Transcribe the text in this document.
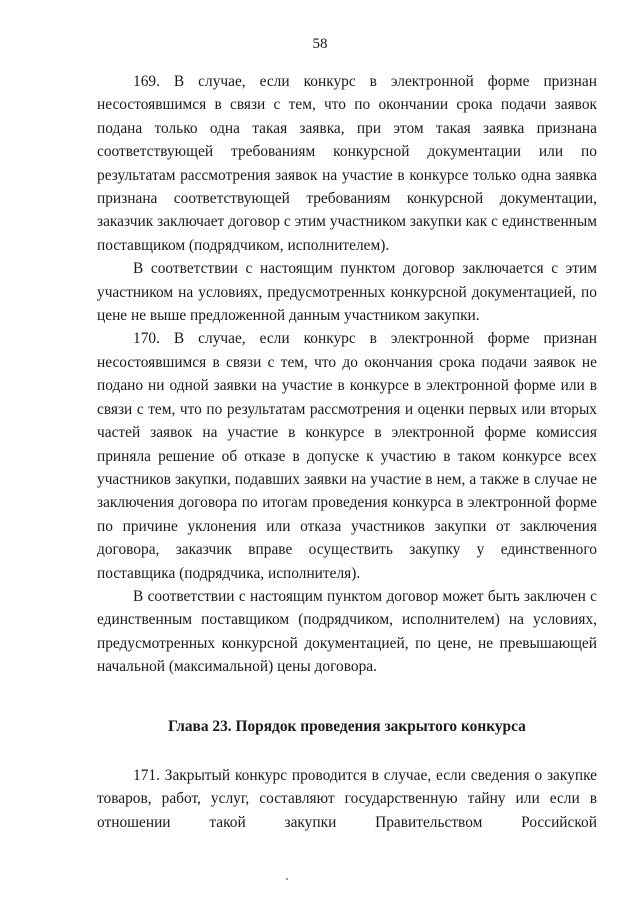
58

169. В случае, если конкурс в электронной форме признан несостоявшимся в связи с тем, что по окончании срока подачи заявок подана только одна такая заявка, при этом такая заявка признана соответствующей требованиям конкурсной документации или по результатам рассмотрения заявок на участие в конкурсе только одна заявка признана соответствующей требованиям конкурсной документации, заказчик заключает договор с этим участником закупки как с единственным поставщиком (подрядчиком, исполнителем).

В соответствии с настоящим пунктом договор заключается с этим участником на условиях, предусмотренных конкурсной документацией, по цене не выше предложенной данным участником закупки.

170. В случае, если конкурс в электронной форме признан несостоявшимся в связи с тем, что до окончания срока подачи заявок не подано ни одной заявки на участие в конкурсе в электронной форме или в связи с тем, что по результатам рассмотрения и оценки первых или вторых частей заявок на участие в конкурсе в электронной форме комиссия приняла решение об отказе в допуске к участию в таком конкурсе всех участников закупки, подавших заявки на участие в нем, а также в случае не заключения договора по итогам проведения конкурса в электронной форме по причине уклонения или отказа участников закупки от заключения договора, заказчик вправе осуществить закупку у единственного поставщика (подрядчика, исполнителя).

В соответствии с настоящим пунктом договор может быть заключен с единственным поставщиком (подрядчиком, исполнителем) на условиях, предусмотренных конкурсной документацией, по цене, не превышающей начальной (максимальной) цены договора.

Глава 23. Порядок проведения закрытого конкурса

171. Закрытый конкурс проводится в случае, если сведения о закупке товаров, работ, услуг, составляют государственную тайну или если в отношении такой закупки Правительством Российской
